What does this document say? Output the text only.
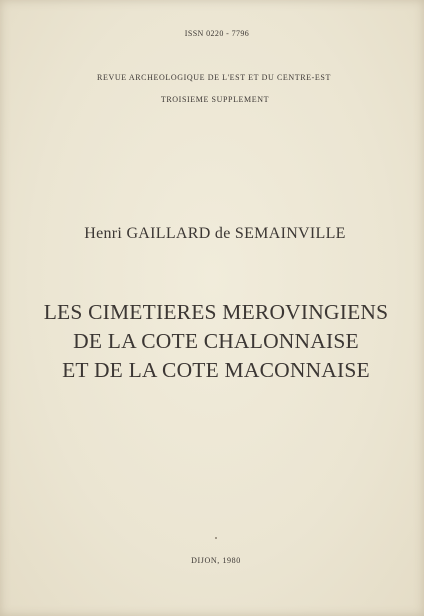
ISSN 0220 - 7796
REVUE ARCHEOLOGIQUE DE L'EST ET DU CENTRE-EST
TROISIEME SUPPLEMENT
Henri GAILLARD de SEMAINVILLE
LES CIMETIERES MEROVINGIENS
DE LA COTE CHALONNAISE
ET DE LA COTE MACONNAISE
DIJON, 1980
